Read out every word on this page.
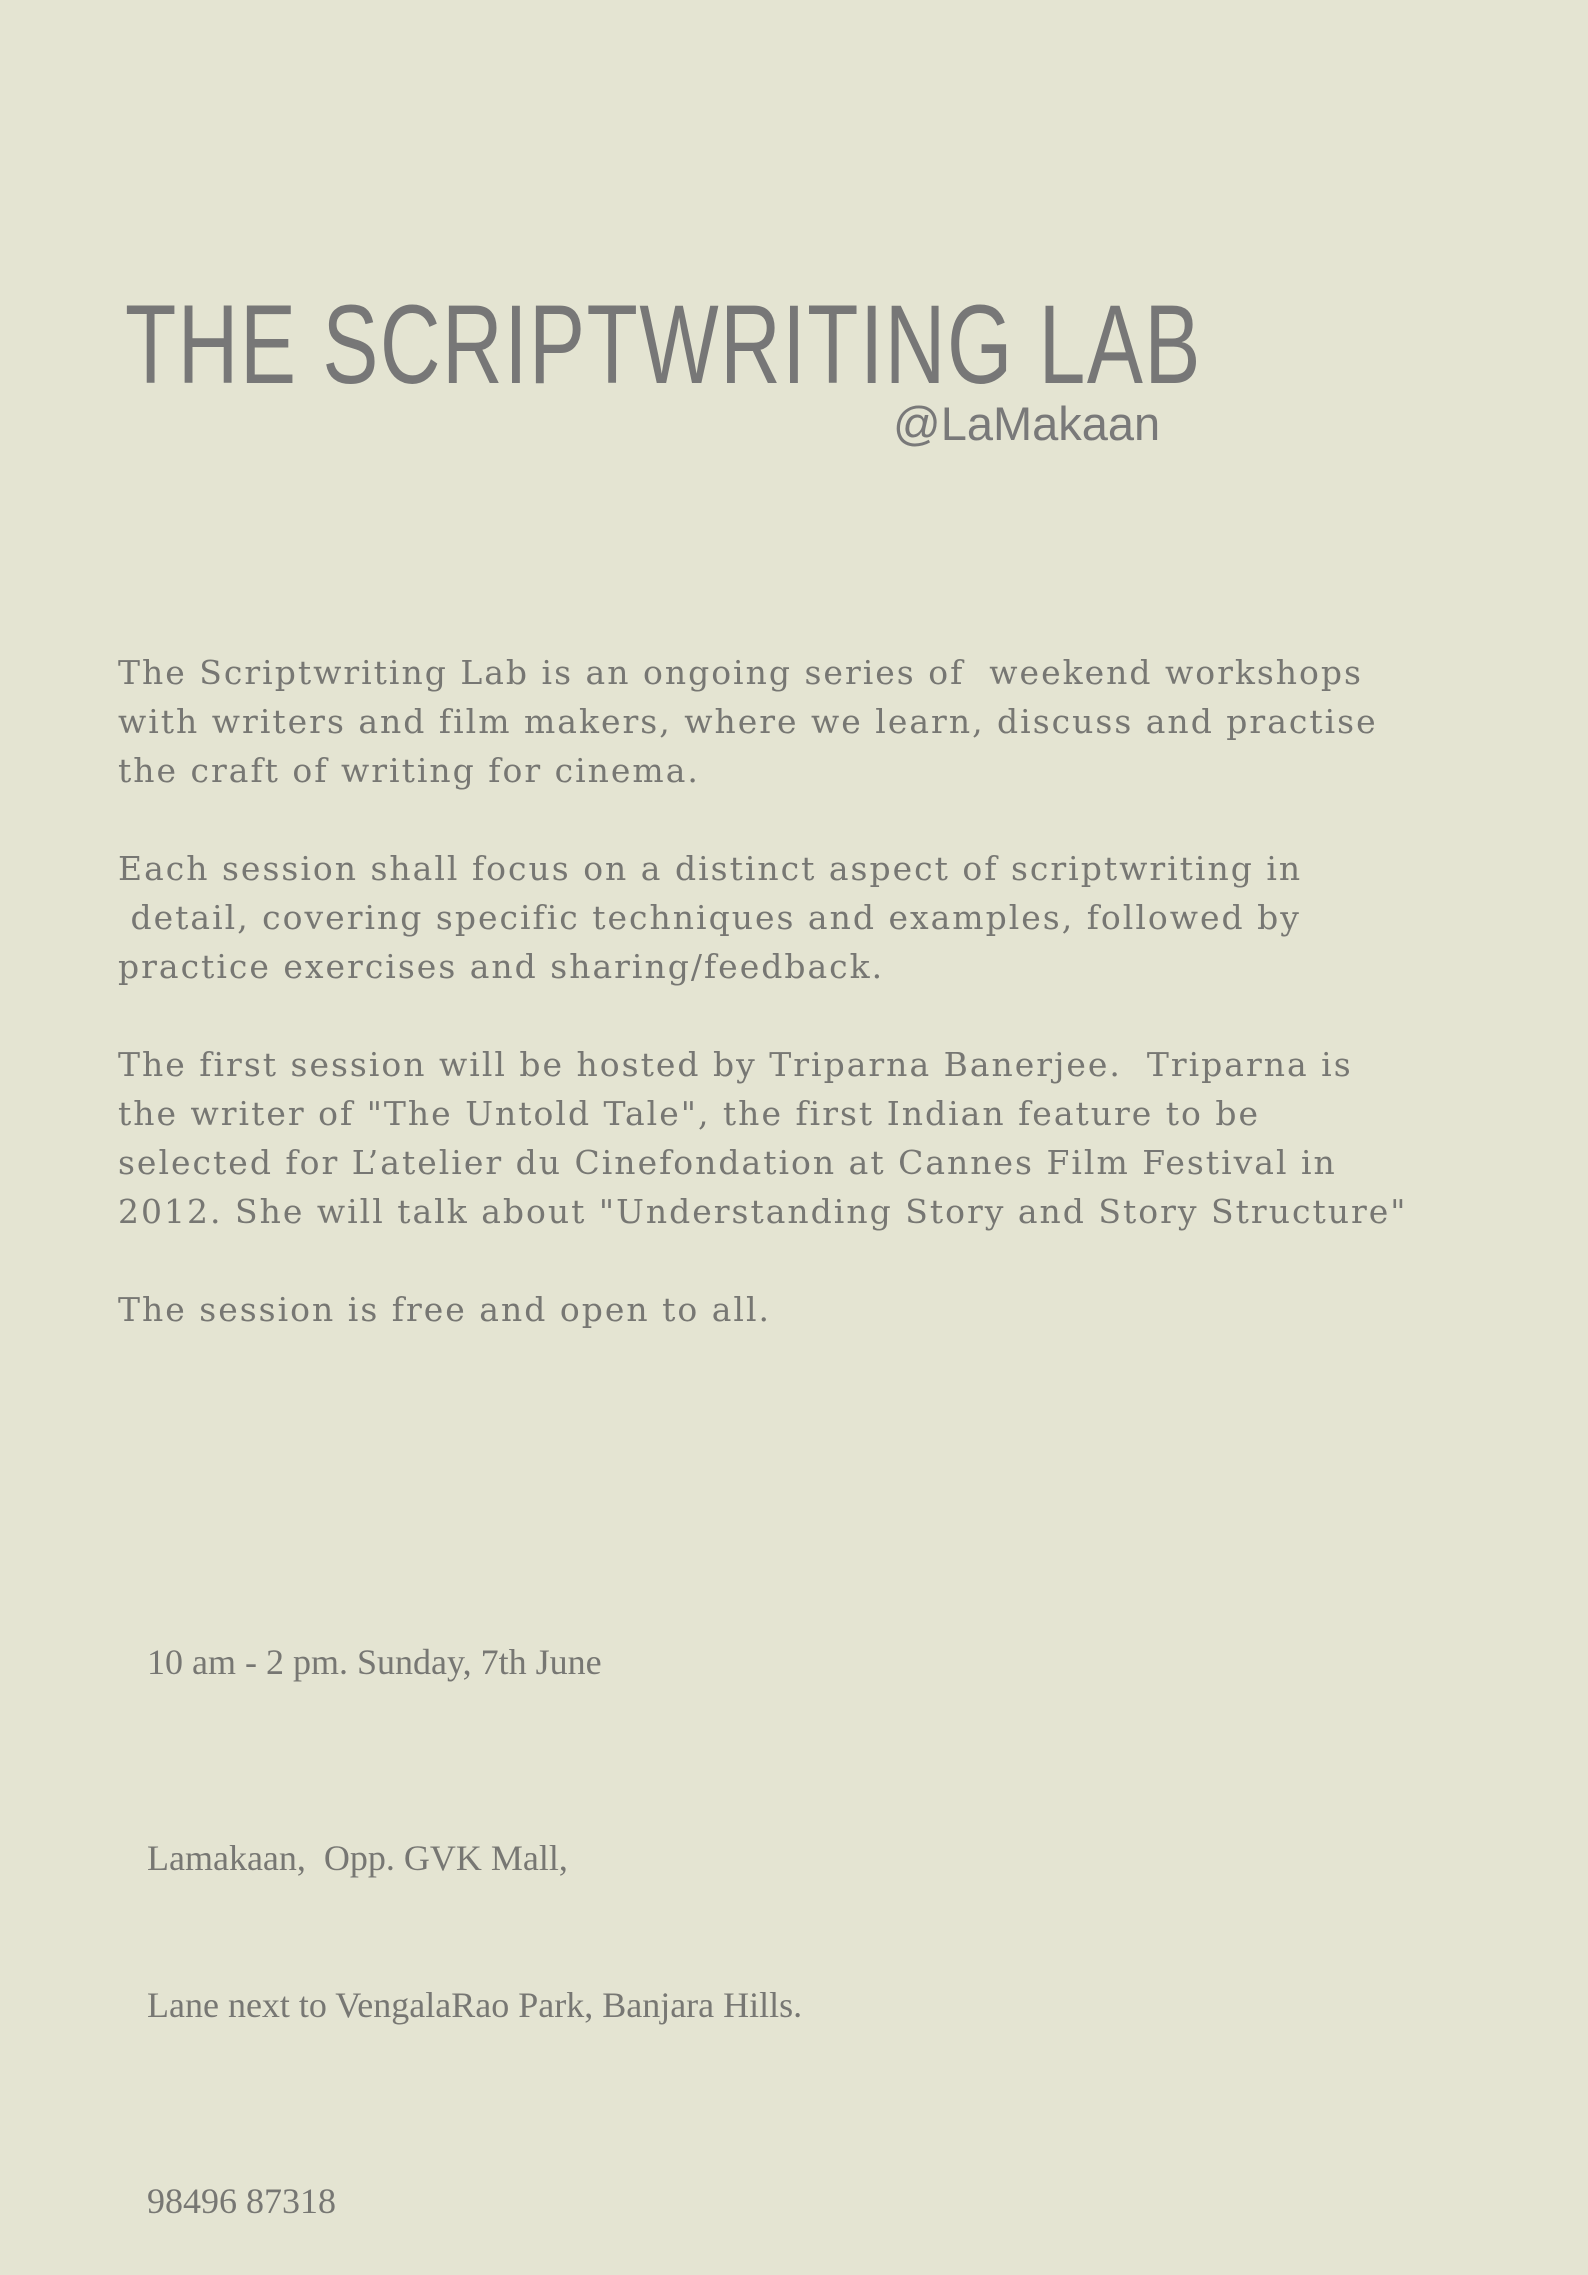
THE SCRIPTWRITING LAB
@LaMakaan

The Scriptwriting Lab is an ongoing series of  weekend workshops
with writers and film makers, where we learn, discuss and practise
the craft of writing for cinema.

Each session shall focus on a distinct aspect of scriptwriting in
detail, covering specific techniques and examples, followed by
practice exercises and sharing/feedback.

The first session will be hosted by Triparna Banerjee.  Triparna is
the writer of "The Untold Tale", the first Indian feature to be
selected for L’atelier du Cinefondation at Cannes Film Festival in
2012. She will talk about "Understanding Story and Story Structure"

The session is free and open to all.

10 am - 2 pm. Sunday, 7th June

Lamakaan,  Opp. GVK Mall,

Lane next to VengalaRao Park, Banjara Hills.

98496 87318
